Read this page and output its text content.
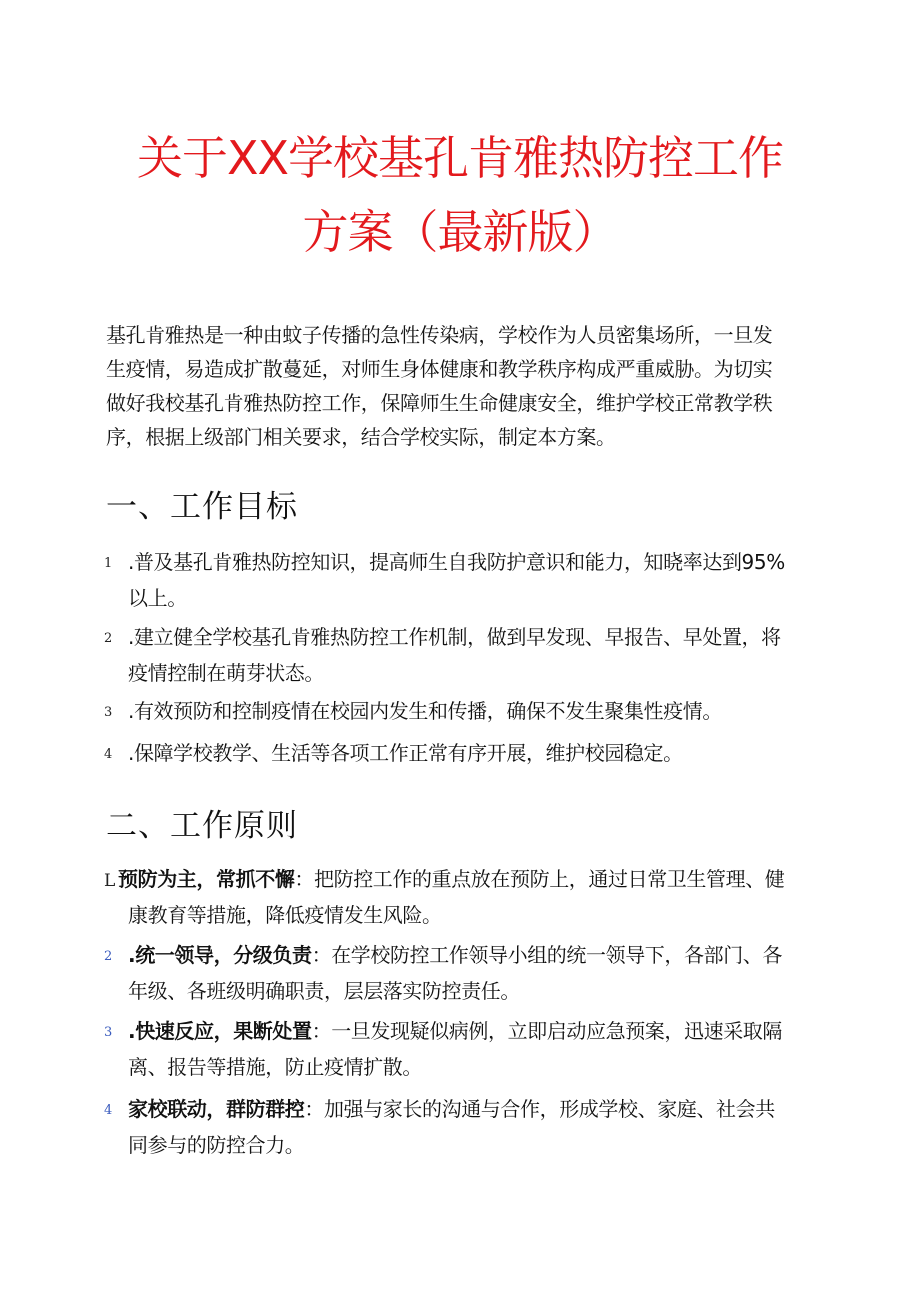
关于XX学校基孔肯雅热防控工作
方案（最新版）
基孔肯雅热是一种由蚊子传播的急性传染病，学校作为人员密集场所，一旦发
生疫情，易造成扩散蔓延，对师生身体健康和教学秩序构成严重威胁。为切实
做好我校基孔肯雅热防控工作，保障师生生命健康安全，维护学校正常教学秩
序，根据上级部门相关要求，结合学校实际，制定本方案。
一、工作目标
1 .普及基孔肯雅热防控知识，提高师生自我防护意识和能力，知晓率达到95%
以上。
2 .建立健全学校基孔肯雅热防控工作机制，做到早发现、早报告、早处置，将
疫情控制在萌芽状态。
3 .有效预防和控制疫情在校园内发生和传播，确保不发生聚集性疫情。
4 .保障学校教学、生活等各项工作正常有序开展，维护校园稳定。
二、工作原则
L 预防为主，常抓不懈：把防控工作的重点放在预防上，通过日常卫生管理、健
康教育等措施，降低疫情发生风险。
2 .统一领导，分级负责：在学校防控工作领导小组的统一领导下，各部门、各
年级、各班级明确职责，层层落实防控责任。
3 .快速反应，果断处置：一旦发现疑似病例，立即启动应急预案，迅速采取隔
离、报告等措施，防止疫情扩散。
4 家校联动，群防群控：加强与家长的沟通与合作，形成学校、家庭、社会共
同参与的防控合力。
